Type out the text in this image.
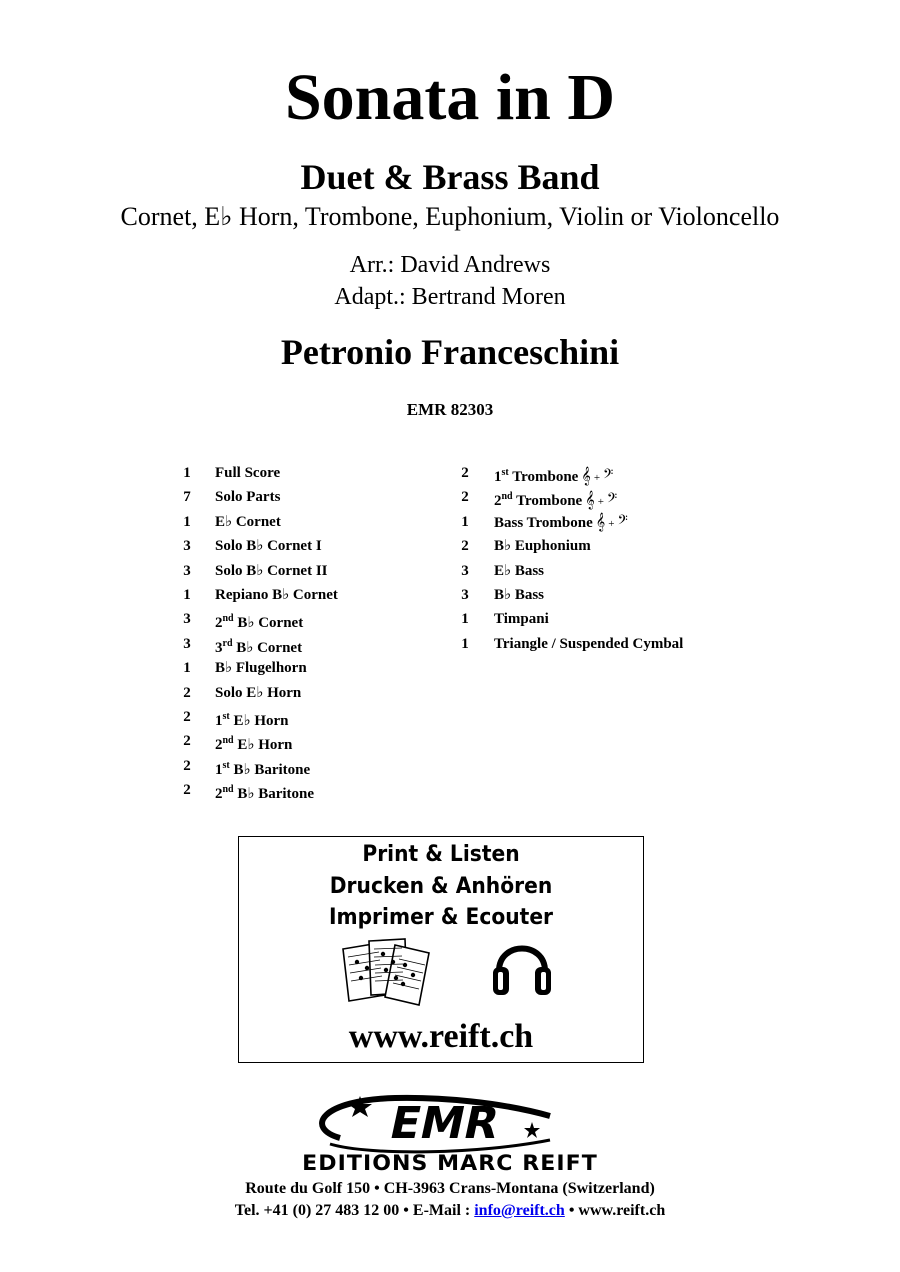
Sonata in D
Duet & Brass Band
Cornet, E♭ Horn, Trombone, Euphonium, Violin or Violoncello
Arr.: David Andrews
Adapt.: Bertrand Moren
Petronio Franceschini
EMR 82303
1 Full Score
7 Solo Parts
1 E♭ Cornet
3 Solo B♭ Cornet I
3 Solo B♭ Cornet II
1 Repiano B♭ Cornet
3 2nd B♭ Cornet
3 3rd B♭ Cornet
1 B♭ Flugelhorn
2 Solo E♭ Horn
2 1st E♭ Horn
2 2nd E♭ Horn
2 1st B♭ Baritone
2 2nd B♭ Baritone
2 1st Trombone 𝄞 + 𝄢
2 2nd Trombone 𝄞 + 𝄢
1 Bass Trombone 𝄞 + 𝄢
2 B♭ Euphonium
3 E♭ Bass
3 B♭ Bass
1 Timpani
1 Triangle / Suspended Cymbal
Print & Listen
Drucken & Anhören
Imprimer & Ecouter
www.reift.ch
EMR
EDITIONS MARC REIFT
Route du Golf 150 • CH-3963 Crans-Montana (Switzerland)
Tel. +41 (0) 27 483 12 00 • E-Mail : info@reift.ch • www.reift.ch
